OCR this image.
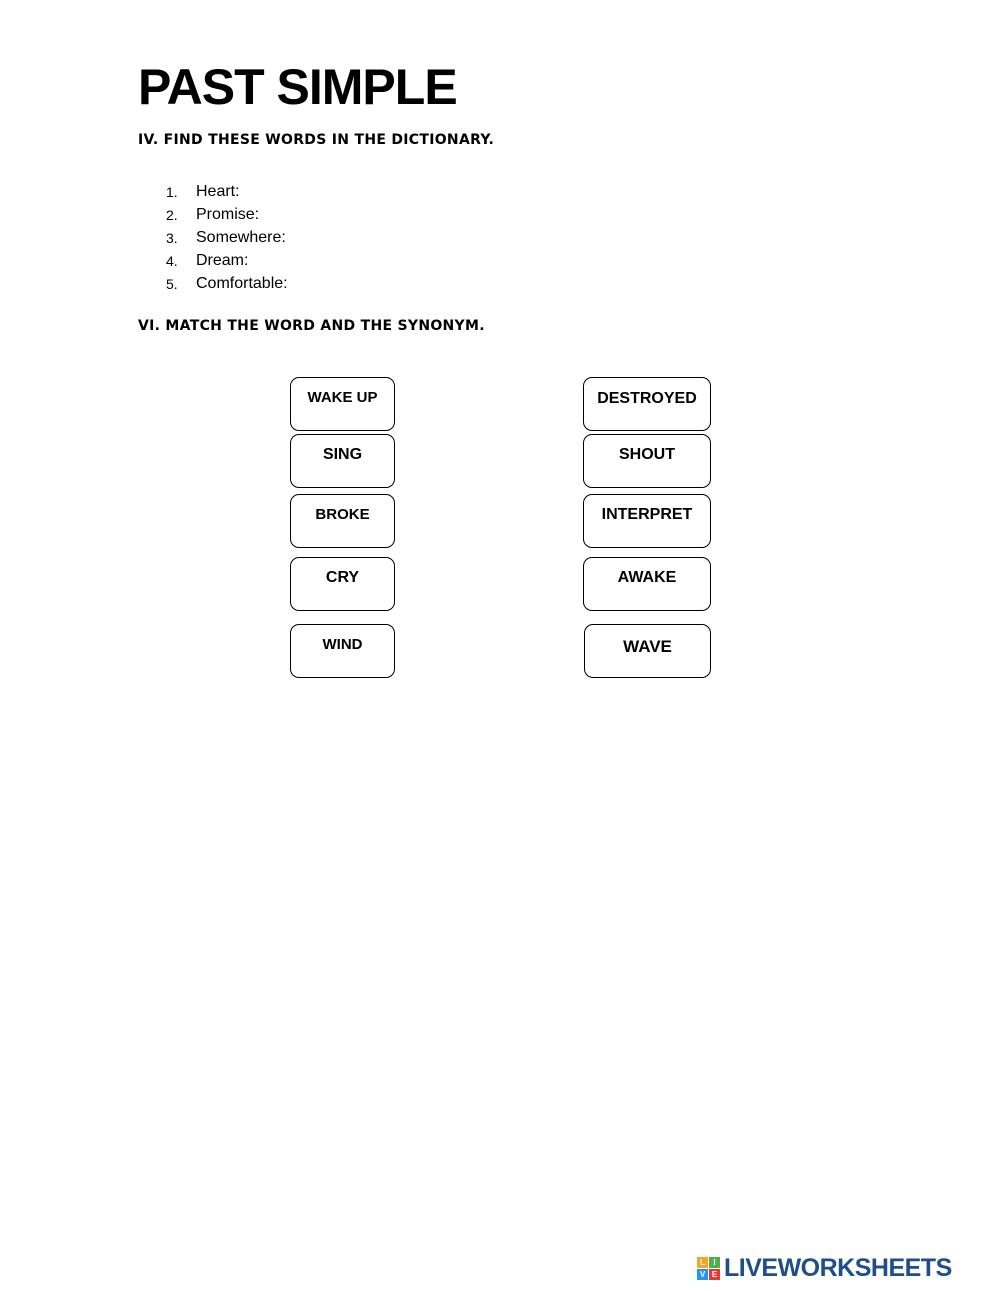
PAST SIMPLE
IV. FIND THESE WORDS IN THE DICTIONARY.
1.	Heart:
2.	Promise:
3.	Somewhere:
4.	Dream:
5.	Comfortable:
VI. MATCH THE WORD AND THE SYNONYM.
WAKE UP
SING
BROKE
CRY
WIND
DESTROYED
SHOUT
INTERPRET
AWAKE
WAVE
L	I
V E LIVEWORKSHEETS
